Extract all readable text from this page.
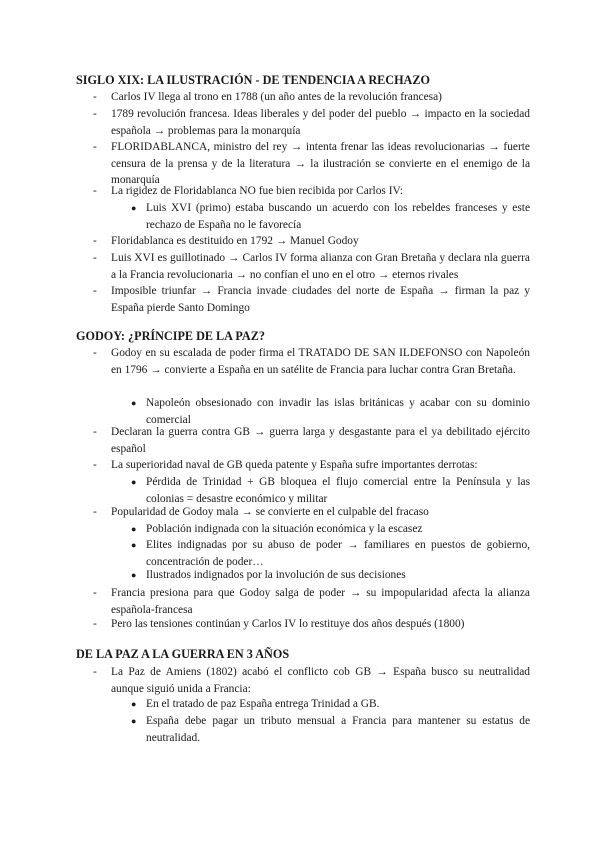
SIGLO XIX: LA ILUSTRACIÓN - DE TENDENCIA A RECHAZO
-	Carlos IV llega al trono en 1788 (un año antes de la revolución francesa)
-	1789 revolución francesa. Ideas liberales y del poder del pueblo → impacto en la sociedad española → problemas para la monarquía
-	FLORIDABLANCA, ministro del rey → intenta frenar las ideas revolucionarias → fuerte censura de la prensa y de la literatura → la ilustración se convierte en el enemigo de la monarquía
-	La rigidez de Floridablanca NO fue bien recibida por Carlos IV:
● Luis XVI (primo) estaba buscando un acuerdo con los rebeldes franceses y este rechazo de España no le favorecía
-	Floridablanca es destituido en 1792 → Manuel Godoy
-	Luis XVI es guillotinado → Carlos IV forma alianza con Gran Bretaña y declara nla guerra a la Francia revolucionaria → no confían el uno en el otro → eternos rivales
-	Imposible triunfar → Francia invade ciudades del norte de España → firman la paz y España pierde Santo Domingo
GODOY: ¿PRÍNCIPE DE LA PAZ?
-	Godoy en su escalada de poder firma el TRATADO DE SAN ILDEFONSO con Napoleón en 1796 → convierte a España en un satélite de Francia para luchar contra Gran Bretaña.
● Napoleón obsesionado con invadir las islas británicas y acabar con su dominio comercial
-	Declaran la guerra contra GB → guerra larga y desgastante para el ya debilitado ejército español
-	La superioridad naval de GB queda patente y España sufre importantes derrotas:
● Pérdida de Trinidad + GB bloquea el flujo comercial entre la Península y las colonias = desastre económico y militar
-	Popularidad de Godoy mala → se convierte en el culpable del fracaso
● Población indignada con la situación económica y la escasez
● Elites indignadas por su abuso de poder → familiares en puestos de gobierno, concentración de poder…
● Ilustrados indignados por la involución de sus decisiones
-	Francia presiona para que Godoy salga de poder → su impopularidad afecta la alianza española-francesa
-	Pero las tensiones continúan y Carlos IV lo restituye dos años después (1800)
DE LA PAZ A LA GUERRA EN 3 AÑOS
-	La Paz de Amiens (1802) acabó el conflicto cob GB → España busco su neutralidad aunque siguió unida a Francia:
● En el tratado de paz España entrega Trinidad a GB.
● España debe pagar un tributo mensual a Francia para mantener su estatus de neutralidad.
